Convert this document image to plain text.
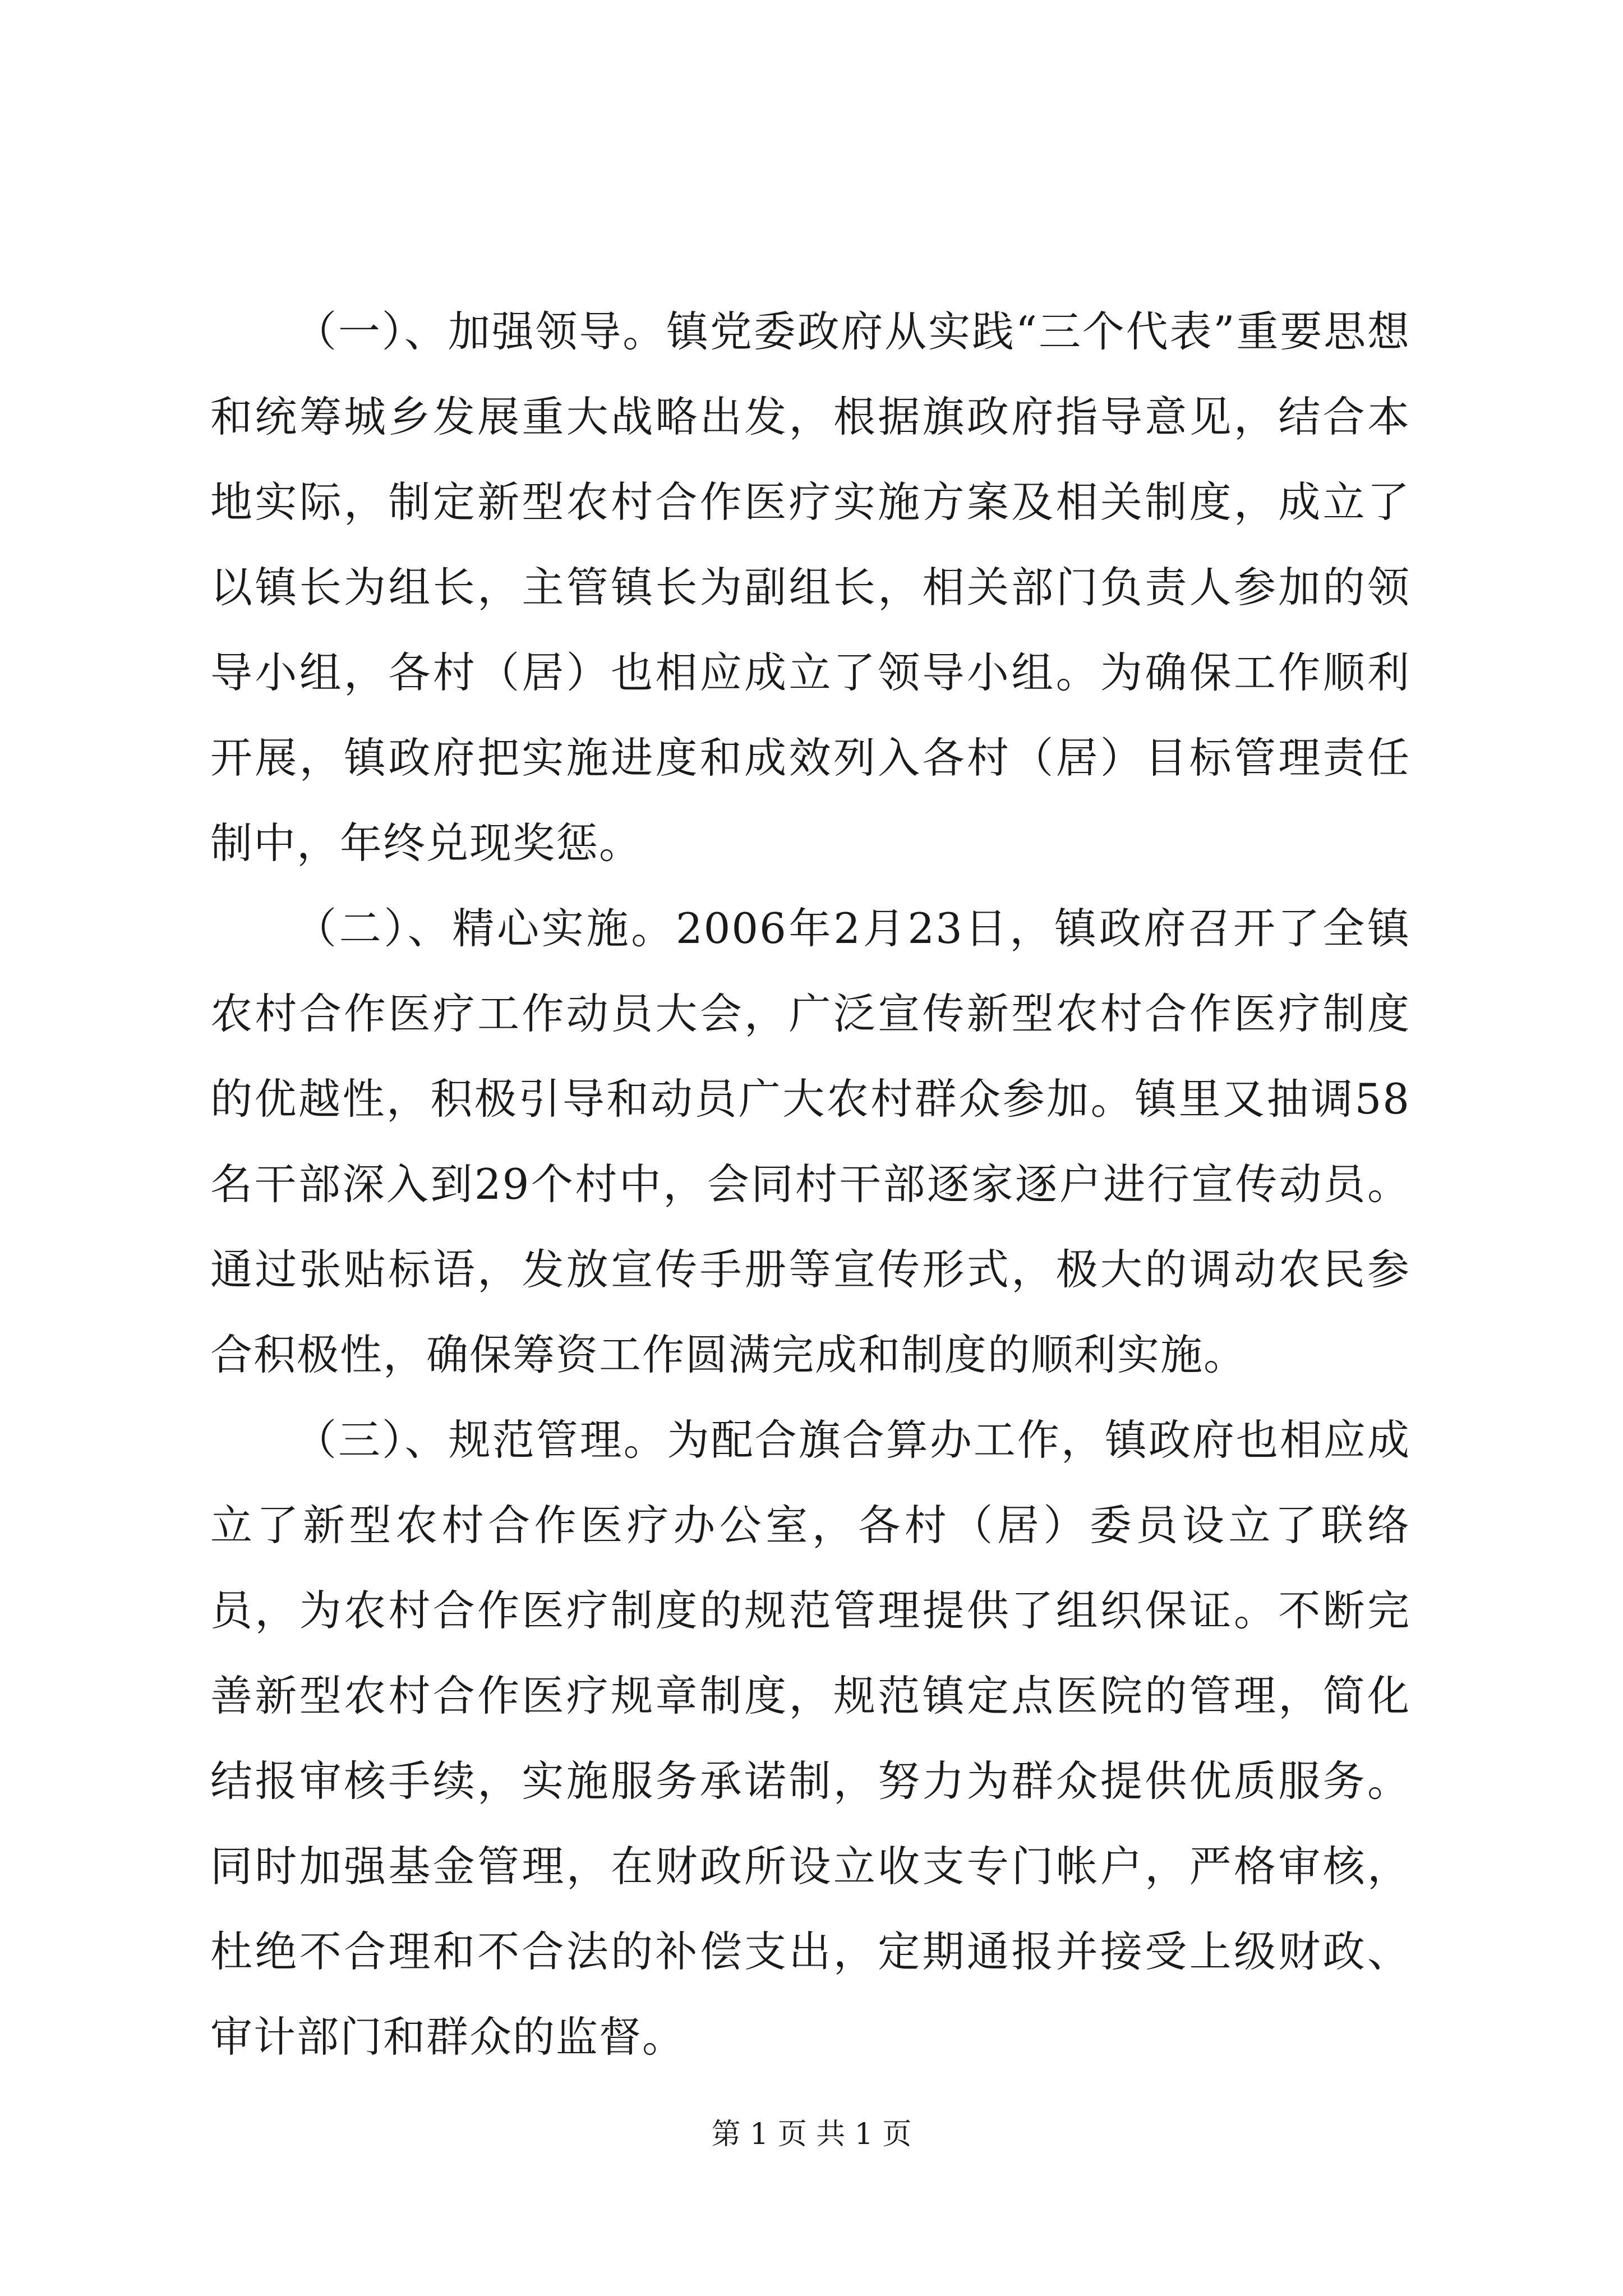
（一）、加强领导。镇党委政府从实践“三个代表”重要思想和统筹城乡发展重大战略出发，根据旗政府指导意见，结合本地实际，制定新型农村合作医疗实施方案及相关制度，成立了以镇长为组长，主管镇长为副组长，相关部门负责人参加的领导小组，各村（居）也相应成立了领导小组。为确保工作顺利开展，镇政府把实施进度和成效列入各村（居）目标管理责任制中，年终兑现奖惩。

（二）、精心实施。2006年2月23日，镇政府召开了全镇农村合作医疗工作动员大会，广泛宣传新型农村合作医疗制度的优越性，积极引导和动员广大农村群众参加。镇里又抽调58名干部深入到29个村中，会同村干部逐家逐户进行宣传动员。通过张贴标语，发放宣传手册等宣传形式，极大的调动农民参合积极性，确保筹资工作圆满完成和制度的顺利实施。

（三）、规范管理。为配合旗合算办工作，镇政府也相应成立了新型农村合作医疗办公室，各村（居）委员设立了联络员，为农村合作医疗制度的规范管理提供了组织保证。不断完善新型农村合作医疗规章制度，规范镇定点医院的管理，简化结报审核手续，实施服务承诺制，努力为群众提供优质服务。同时加强基金管理，在财政所设立收支专门帐户，严格审核，杜绝不合理和不合法的补偿支出，定期通报并接受上级财政、审计部门和群众的监督。

第 1 页 共 1 页
